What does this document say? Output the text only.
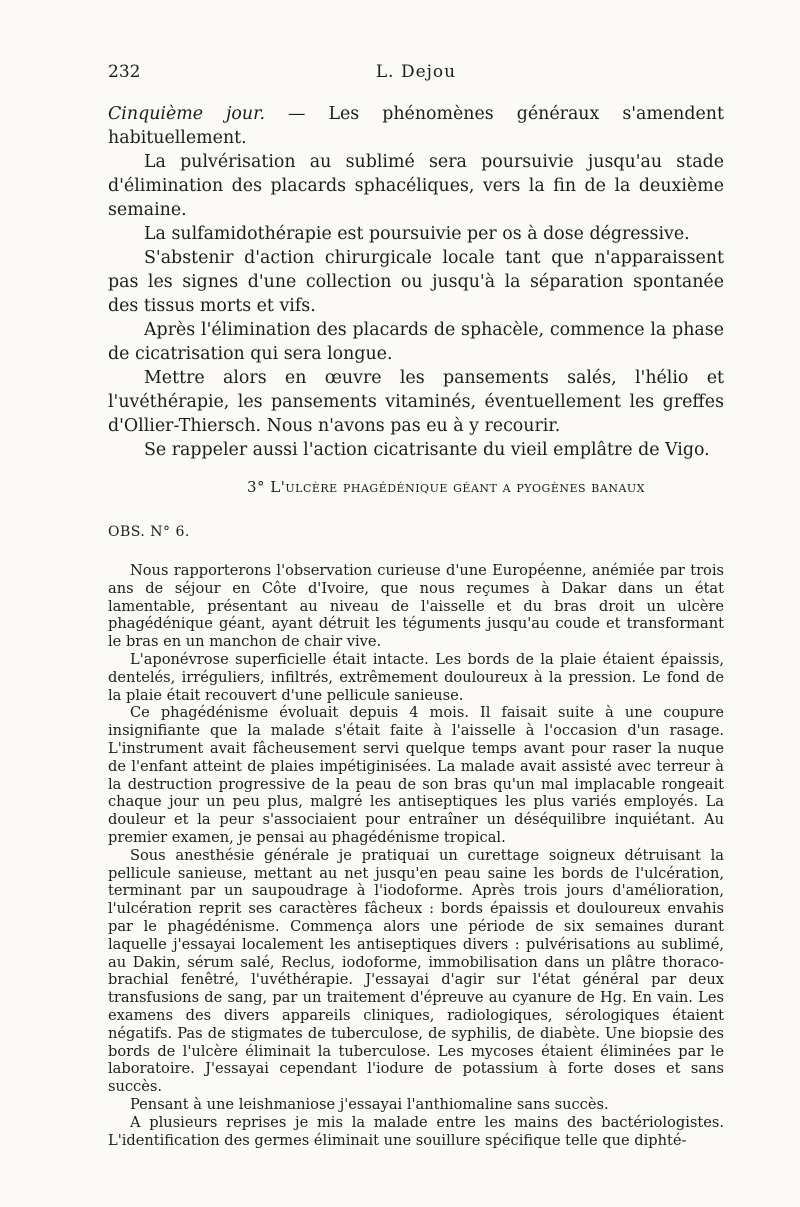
232	L. Dejou

Cinquième jour. — Les phénomènes généraux s'amendent habituellement.

La pulvérisation au sublimé sera poursuivie jusqu'au stade d'élimination des placards sphacéliques, vers la fin de la deuxième semaine.

La sulfamidothérapie est poursuivie per os à dose dégressive.

S'abstenir d'action chirurgicale locale tant que n'apparaissent pas les signes d'une collection ou jusqu'à la séparation spontanée des tissus morts et vifs.

Après l'élimination des placards de sphacèle, commence la phase de cicatrisation qui sera longue.

Mettre alors en œuvre les pansements salés, l'hélio et l'uvéthérapie, les pansements vitaminés, éventuellement les greffes d'Ollier-Thiersch. Nous n'avons pas eu à y recourir.

Se rappeler aussi l'action cicatrisante du vieil emplâtre de Vigo.

3° L'ulcère phagédénique géant a pyogènes banaux
OBS. N° 6.

Nous rapporterons l'observation curieuse d'une Européenne, anémiée par trois ans de séjour en Côte d'Ivoire, que nous reçumes à Dakar dans un état lamentable, présentant au niveau de l'aisselle et du bras droit un ulcère phagédénique géant, ayant détruit les téguments jusqu'au coude et transformant le bras en un manchon de chair vive.

L'aponévrose superficielle était intacte. Les bords de la plaie étaient épaissis, dentelés, irréguliers, infiltrés, extrêmement douloureux à la pression. Le fond de la plaie était recouvert d'une pellicule sanieuse.

Ce phagédénisme évoluait depuis 4 mois. Il faisait suite à une coupure insignifiante que la malade s'était faite à l'aisselle à l'occasion d'un rasage. L'instrument avait fâcheusement servi quelque temps avant pour raser la nuque de l'enfant atteint de plaies impétiginisées. La malade avait assisté avec terreur à la destruction progressive de la peau de son bras qu'un mal implacable rongeait chaque jour un peu plus, malgré les antiseptiques les plus variés employés. La douleur et la peur s'associaient pour entraîner un déséquilibre inquiétant. Au premier examen, je pensai au phagédénisme tropical.

Sous anesthésie générale je pratiquai un curettage soigneux détruisant la pellicule sanieuse, mettant au net jusqu'en peau saine les bords de l'ulcération, terminant par un saupoudrage à l'iodoforme. Après trois jours d'amélioration, l'ulcération reprit ses caractères fâcheux : bords épaissis et douloureux envahis par le phagédénisme. Commença alors une période de six semaines durant laquelle j'essayai localement les antiseptiques divers : pulvérisations au sublimé, au Dakin, sérum salé, Reclus, iodoforme, immobilisation dans un plâtre thoraco-brachial fenêtré, l'uvéthérapie. J'essayai d'agir sur l'état général par deux transfusions de sang, par un traitement d'épreuve au cyanure de Hg. En vain. Les examens des divers appareils cliniques, radiologiques, sérologiques étaient négatifs. Pas de stigmates de tuberculose, de syphilis, de diabète. Une biopsie des bords de l'ulcère éliminait la tuberculose. Les mycoses étaient éliminées par le laboratoire. J'essayai cependant l'iodure de potassium à forte doses et sans succès.

Pensant à une leishmaniose j'essayai l'anthiomaline sans succès.

A plusieurs reprises je mis la malade entre les mains des bactériologistes. L'identification des germes éliminait une souillure spécifique telle que diphté-
